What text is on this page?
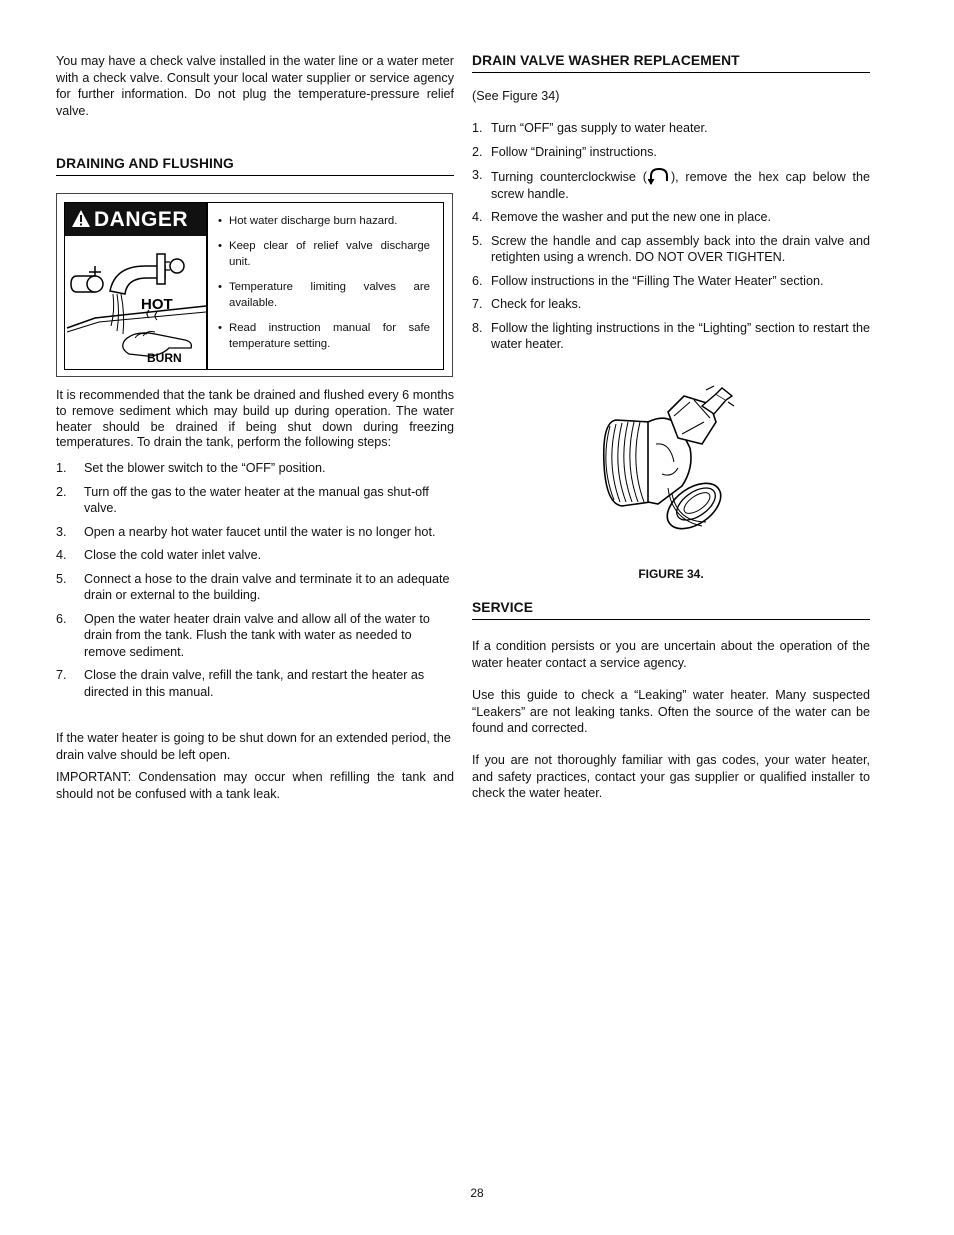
You may have a check valve installed in the water line or a water meter with a check valve. Consult your local water supplier or service agency for further information. Do not plug the temperature-pressure relief valve.

DRAINING AND FLUSHING
DANGER
HOT
BURN
• Hot water discharge burn hazard.
• Keep clear of relief valve discharge unit.
• Temperature limiting valves are available.
• Read instruction manual for safe temperature setting.

It is recommended that the tank be drained and flushed every 6 months to remove sediment which may build up during operation. The water heater should be drained if being shut down during freezing temperatures. To drain the tank, perform the following steps:

1. Set the blower switch to the “OFF” position.
2. Turn off the gas to the water heater at the manual gas shut-off valve.
3. Open a nearby hot water faucet until the water is no longer hot.
4. Close the cold water inlet valve.
5. Connect a hose to the drain valve and terminate it to an adequate drain or external to the building.
6. Open the water heater drain valve and allow all of the water to drain from the tank. Flush the tank with water as needed to remove sediment.
7. Close the drain valve, refill the tank, and restart the heater as directed in this manual.

If the water heater is going to be shut down for an extended period, the drain valve should be left open.

IMPORTANT: Condensation may occur when refilling the tank and should not be confused with a tank leak.

DRAIN VALVE WASHER REPLACEMENT

(See Figure 34)

1. Turn “OFF” gas supply to water heater.
2. Follow “Draining” instructions.
3. Turning counterclockwise ( ), remove the hex cap below the screw handle.
4. Remove the washer and put the new one in place.
5. Screw the handle and cap assembly back into the drain valve and retighten using a wrench. DO NOT OVER TIGHTEN.
6. Follow instructions in the “Filling The Water Heater” section.
7. Check for leaks.
8. Follow the lighting instructions in the “Lighting” section to restart the water heater.
FIGURE 34.
SERVICE

If a condition persists or you are uncertain about the operation of the water heater contact a service agency.

Use this guide to check a “Leaking” water heater. Many suspected “Leakers” are not leaking tanks. Often the source of the water can be found and corrected.

If you are not thoroughly familiar with gas codes, your water heater, and safety practices, contact your gas supplier or qualified installer to check the water heater.

28
